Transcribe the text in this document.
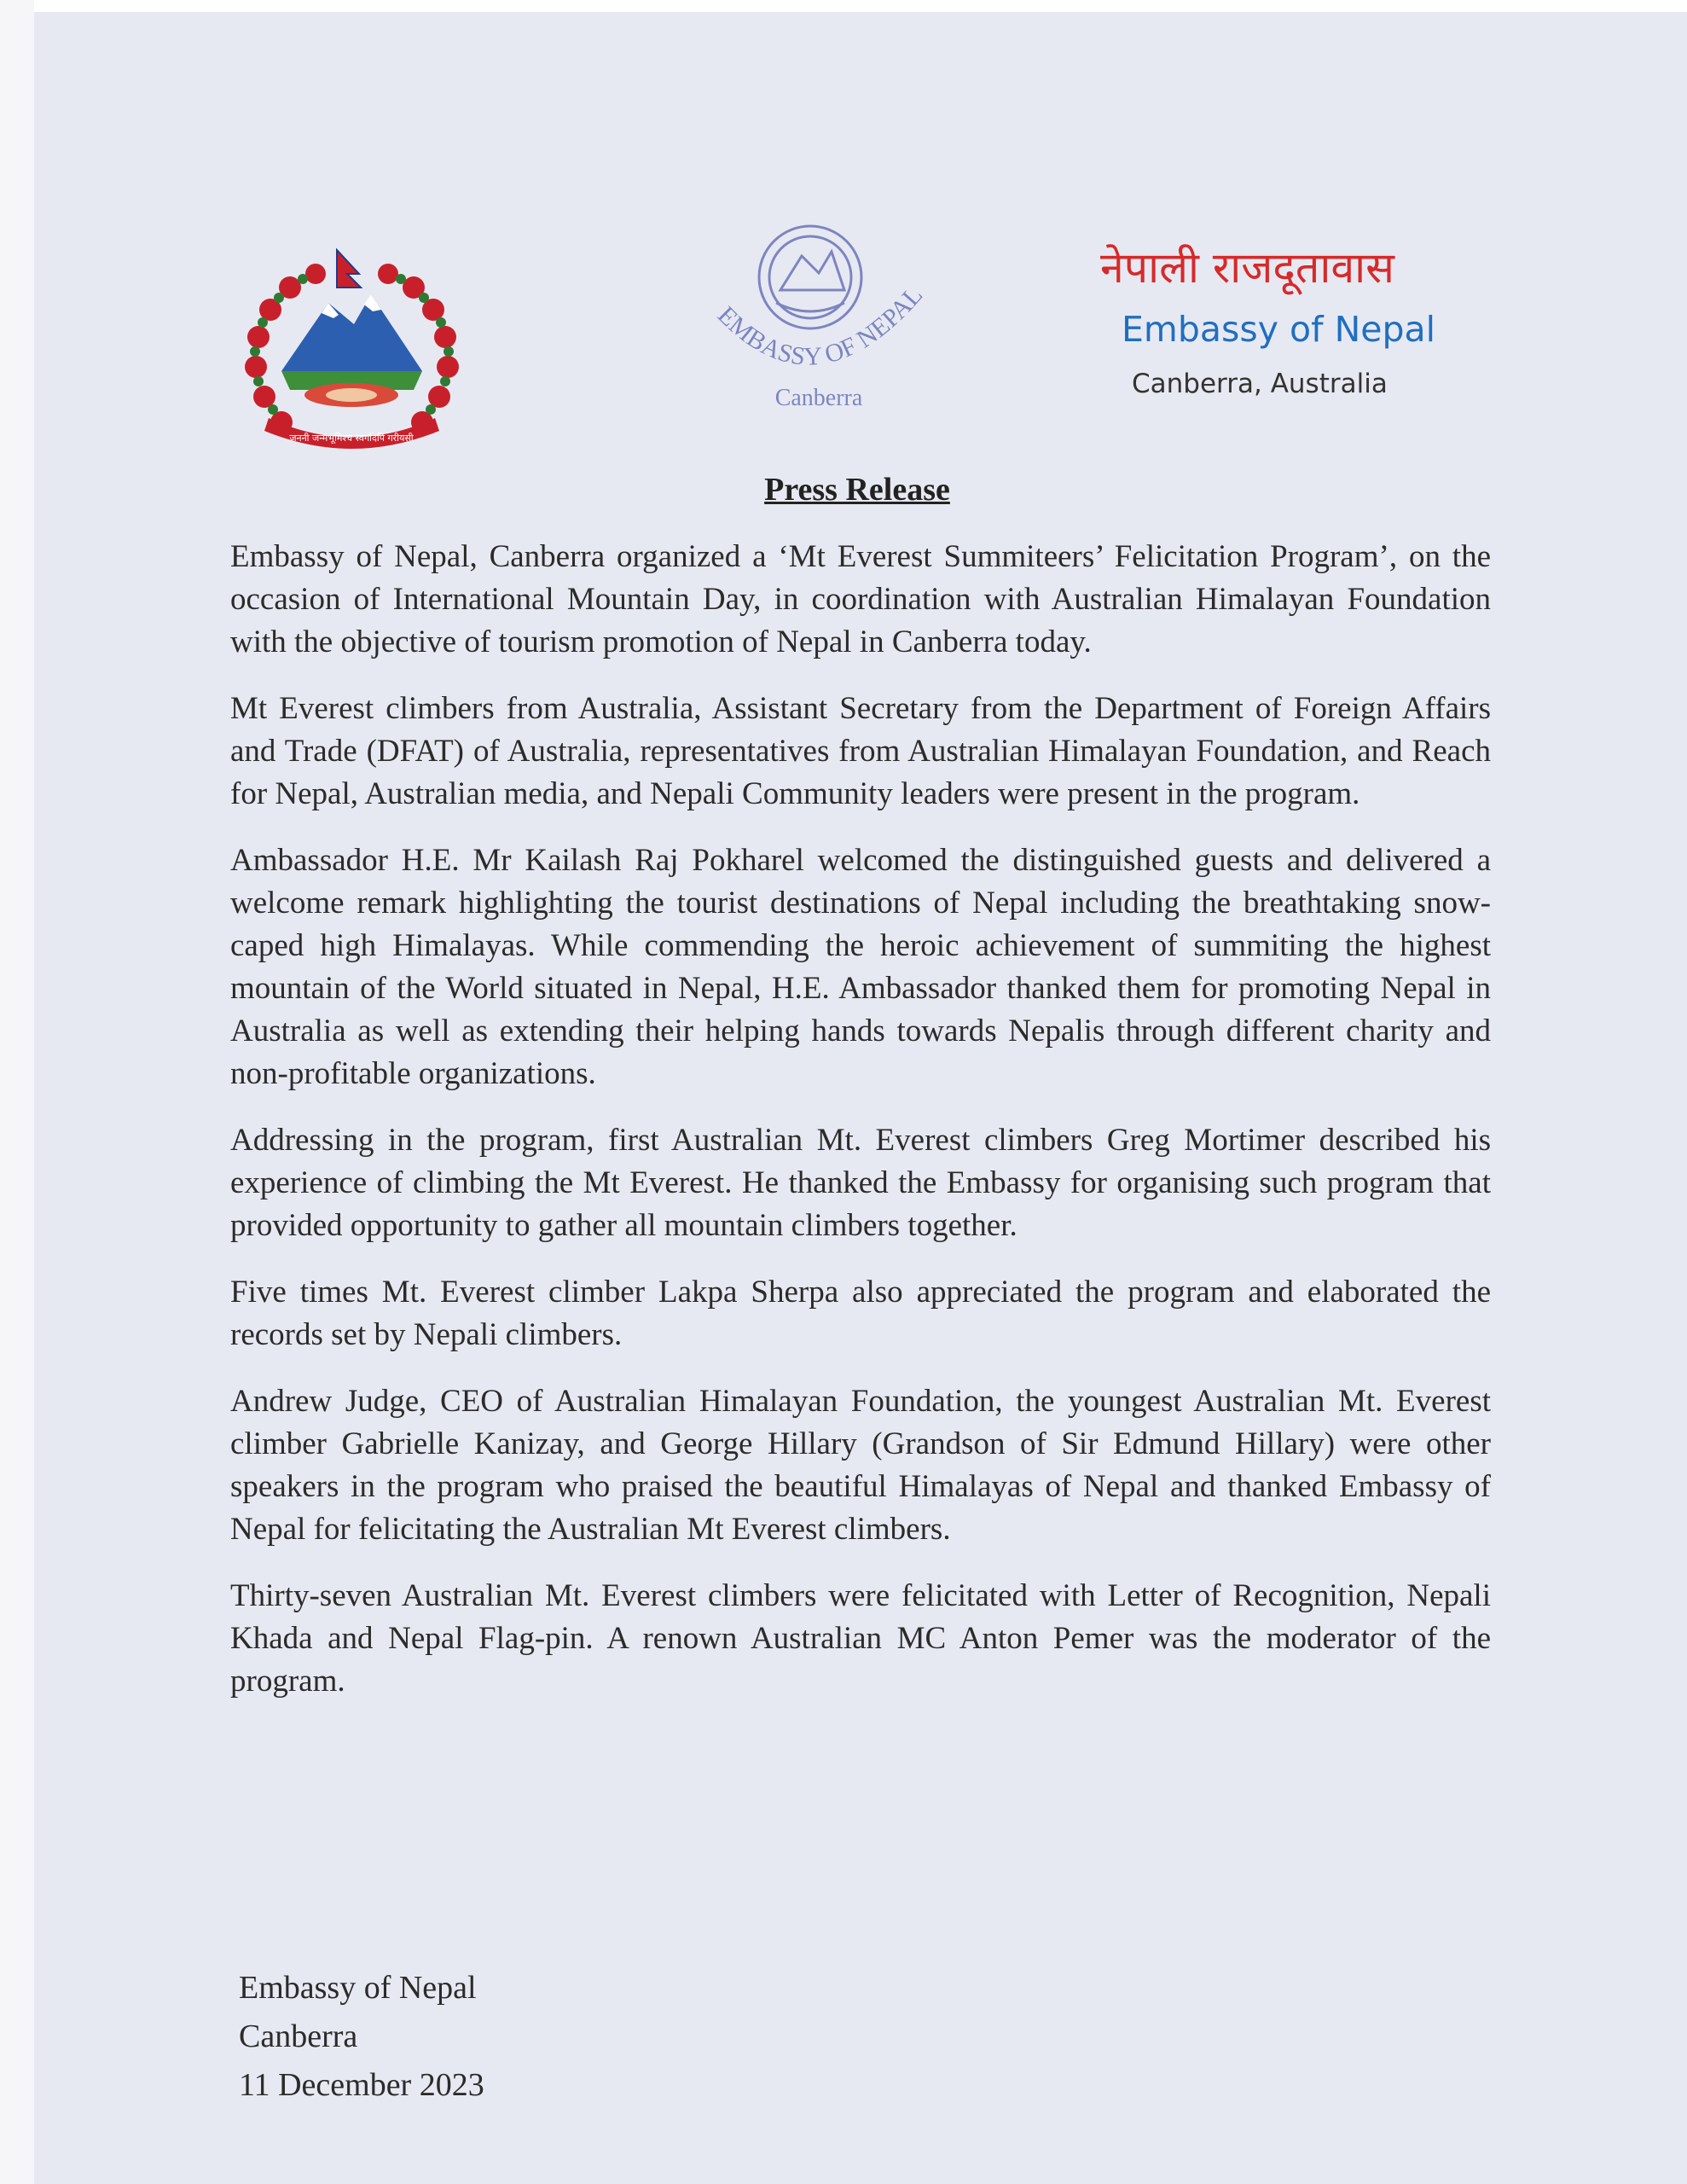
जननी जन्मभूमिश्च स्वर्गादपि गरीयसी
EMBASSY OF NEPAL
Canberra
नेपाली राजदूतावास
Embassy of Nepal
Canberra, Australia
Press Release

Embassy of Nepal, Canberra organized a ‘Mt Everest Summiteers’ Felicitation Program’, on the occasion of International Mountain Day, in coordination with Australian Himalayan Foundation with the objective of tourism promotion of Nepal in Canberra today.

Mt Everest climbers from Australia, Assistant Secretary from the Department of Foreign Affairs and Trade (DFAT) of Australia, representatives from Australian Himalayan Foundation, and Reach for Nepal, Australian media, and Nepali Community leaders were present in the program.

Ambassador H.E. Mr Kailash Raj Pokharel welcomed the distinguished guests and delivered a welcome remark highlighting the tourist destinations of Nepal including the breathtaking snow-caped high Himalayas. While commending the heroic achievement of summiting the highest mountain of the World situated in Nepal, H.E. Ambassador thanked them for promoting Nepal in Australia as well as extending their helping hands towards Nepalis through different charity and non-profitable organizations.

Addressing in the program, first Australian Mt. Everest climbers Greg Mortimer described his experience of climbing the Mt Everest. He thanked the Embassy for organising such program that provided opportunity to gather all mountain climbers together.

Five times Mt. Everest climber Lakpa Sherpa also appreciated the program and elaborated the records set by Nepali climbers.

Andrew Judge, CEO of Australian Himalayan Foundation, the youngest Australian Mt. Everest climber Gabrielle Kanizay, and George Hillary (Grandson of Sir Edmund Hillary) were other speakers in the program who praised the beautiful Himalayas of Nepal and thanked Embassy of Nepal for felicitating the Australian Mt Everest climbers.

Thirty-seven Australian Mt. Everest climbers were felicitated with Letter of Recognition, Nepali Khada and Nepal Flag-pin. A renown Australian MC Anton Pemer was the moderator of the program.

Embassy of Nepal
Canberra
11 December 2023
